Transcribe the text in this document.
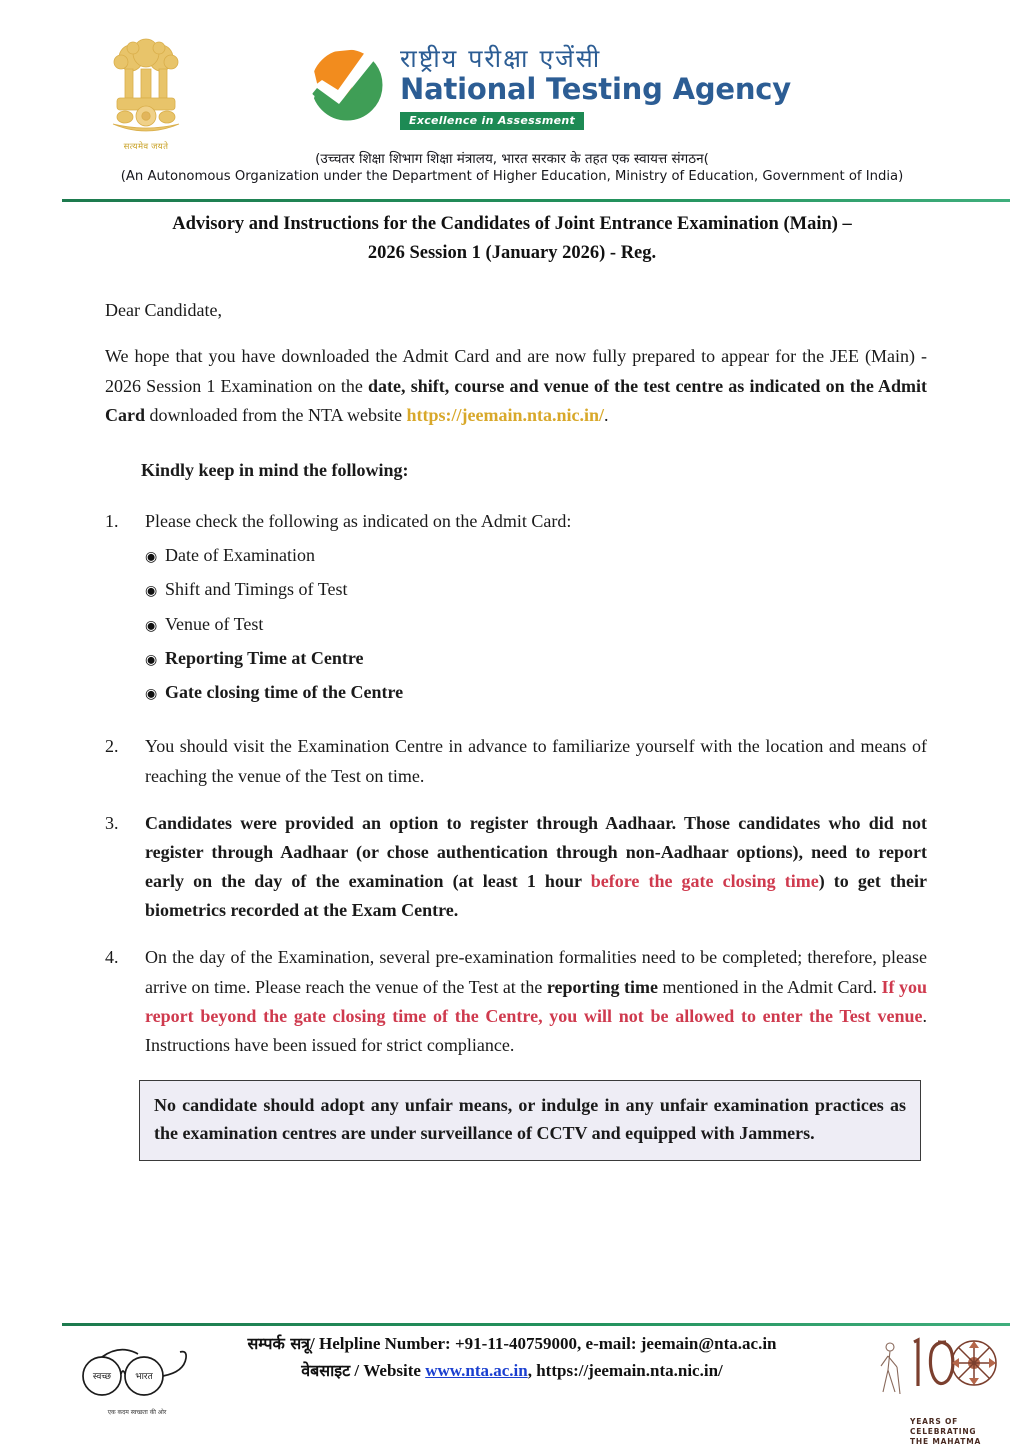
सत्यमेव जयते
राष्ट्रीय परीक्षा एजेंसी
National Testing Agency
Excellence in Assessment
(उच्चतर शिक्षा शिभाग शिक्षा मंत्रालय, भारत सरकार के तहत एक स्वायत्त संगठन(
(An Autonomous Organization under the Department of Higher Education, Ministry of Education, Government of India)
Advisory and Instructions for the Candidates of Joint Entrance Examination (Main) –
2026 Session 1 (January 2026) - Reg.
Dear Candidate,

We hope that you have downloaded the Admit Card and are now fully prepared to appear for the JEE (Main) - 2026 Session 1 Examination on the date, shift, course and venue of the test centre as indicated on the Admit Card downloaded from the NTA website https://jeemain.nta.nic.in/.

Kindly keep in mind the following:
1.	Please check the following as indicated on the Admit Card:
◉ Date of Examination
◉ Shift and Timings of Test
◉ Venue of Test
◉ Reporting Time at Centre
◉ Gate closing time of the Centre
2.	You should visit the Examination Centre in advance to familiarize yourself with the location and means of reaching the venue of the Test on time.
3.	Candidates were provided an option to register through Aadhaar. Those candidates who did not register through Aadhaar (or chose authentication through non-Aadhaar options), need to report early on the day of the examination (at least 1 hour before the gate closing time) to get their biometrics recorded at the Exam Centre.
4.	On the day of the Examination, several pre-examination formalities need to be completed; therefore, please arrive on time. Please reach the venue of the Test at the reporting time mentioned in the Admit Card. If you report beyond the gate closing time of the Centre, you will not be allowed to enter the Test venue. Instructions have been issued for strict compliance.
No candidate should adopt any unfair means, or indulge in any unfair examination practices as the examination centres are under surveillance of CCTV and equipped with Jammers.
स्वच्छ	भारत
एक कदम स्वच्छता की ओर
सम्पर्क सत्रू/ Helpline Number: +91-11-40759000, e-mail: jeemain@nta.ac.in
वेबसाइट / Website www.nta.ac.in, https://jeemain.nta.nic.in/
YEARS OF
CELEBRATING
THE MAHATMA
